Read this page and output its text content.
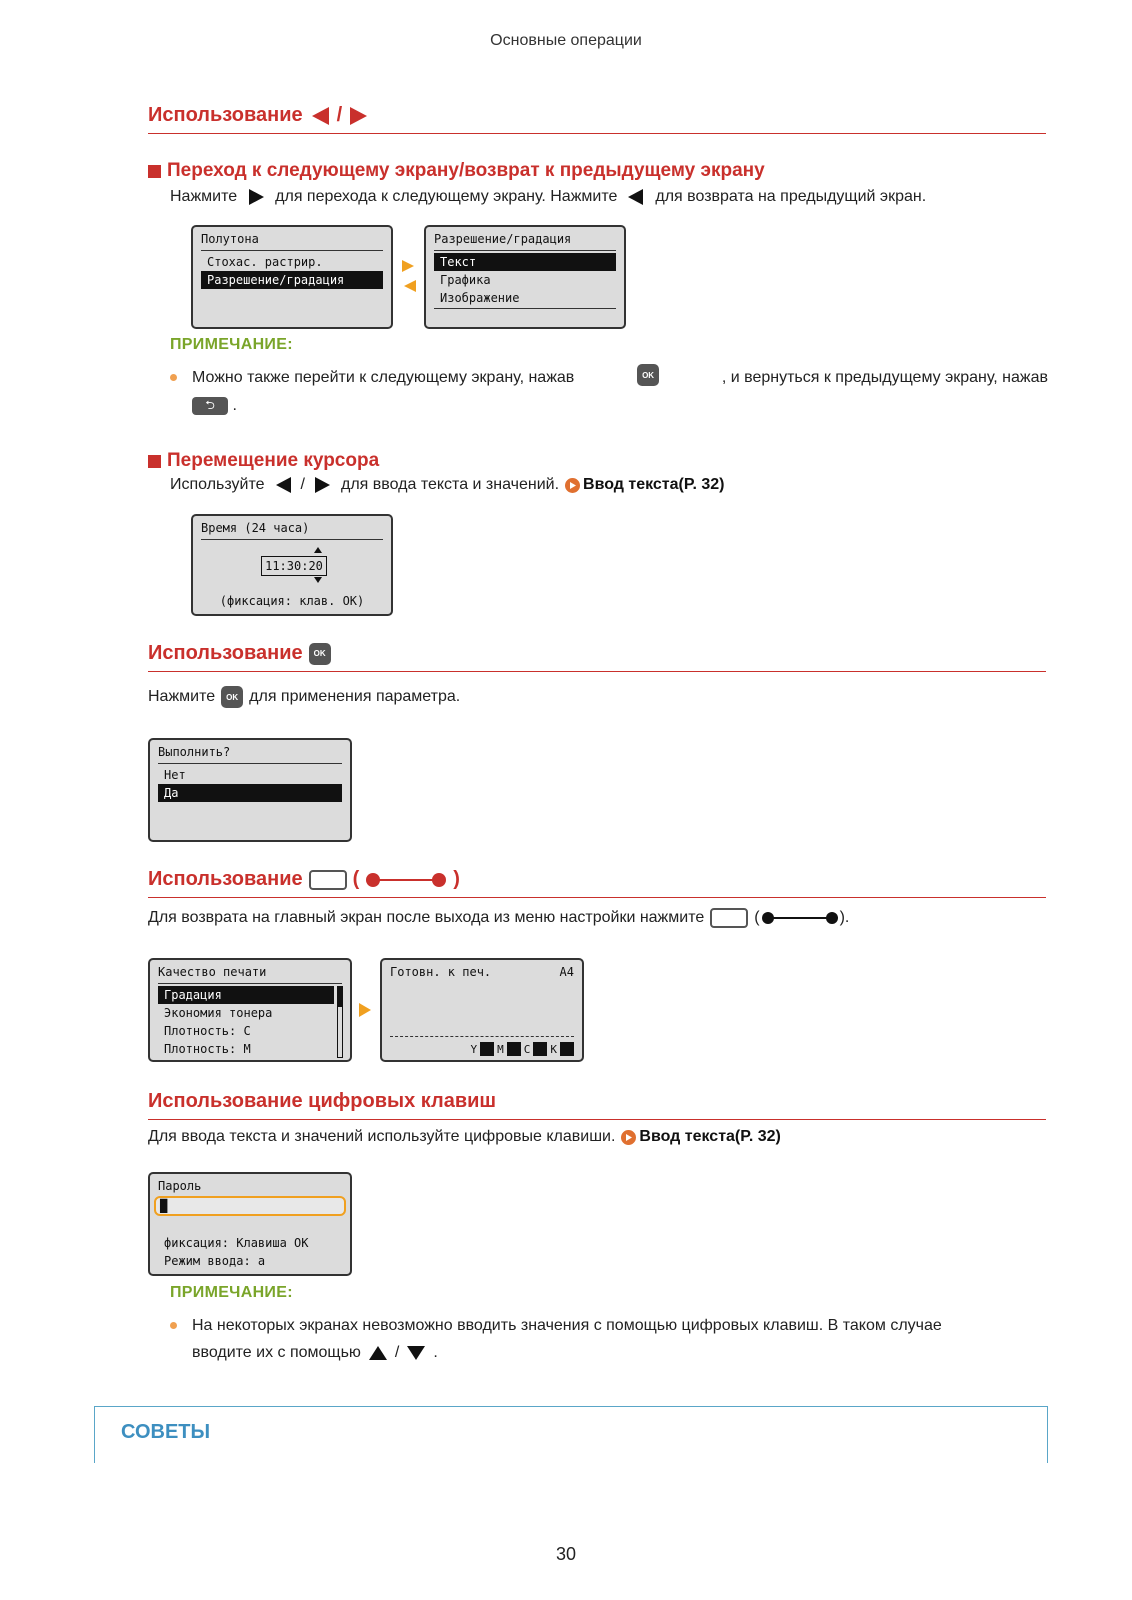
Основные операции
Использование /
Переход к следующему экрану/возврат к предыдущему экрану
Нажмите для перехода к следующему экрану. Нажмите для возврата на предыдущий экран.
Полутона
Стохас. растрир.
Разрешение/градация
Разрешение/градация
Текст
Графика
Изображение
ПРИМЕЧАНИЕ:
Можно также перейти к следующему экрану, нажав	OK	, и вернуться к предыдущему экрану, нажав
⮌ .
Перемещение курсора
Используйте / для ввода текста и значений. Ввод текста(P. 32)
Время (24 часа)
11:30:20
(фиксация: клав. OK)
Использование	OK
Нажмите	OK для применения параметра.
Выполнить?
Нет
Да
Использование	(	)
Для возврата на главный экран после выхода из меню настройки нажмите	(	).
Качество печати
Градация
Экономия тонера
Плотность: C
Плотность: M
Готовн. к печ.	A4
Y M C K
Использование цифровых клавиш
Для ввода текста и значений используйте цифровые клавиши. Ввод текста(P. 32)
Пароль
█
фиксация: Клавиша OK
Режим ввода: a
ПРИМЕЧАНИЕ:
На некоторых экранах невозможно вводить значения с помощью цифровых клавиш. В таком случае
вводите их с помощью / .
СОВЕТЫ
30
